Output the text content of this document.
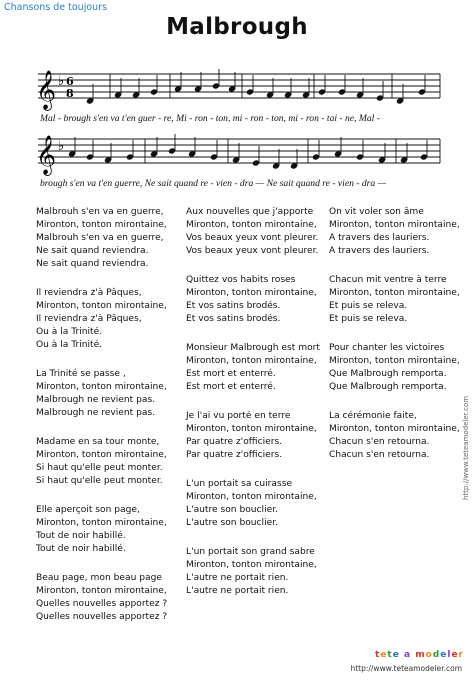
Chansons de toujours
Malbrough
𝄞
𝄞
♭
♭
6
8
Mal - brough s'en va t'en guer - re, Mi - ron - ton, mi - ron - ton, mi - ron - tai - ne, Mal -
brough s'en va t'en guerre, Ne sait quand re - vien - dra — Ne sait quand re - vien - dra —
Malbrouh s'en va en guerre,
Mironton, tonton mirontaine,
Malbrouh s'en va en guerre,
Ne sait quand reviendra.
Ne sait quand reviendra.
Il reviendra z'à Pâques,
Mironton, tonton mirontaine,
Il reviendra z'à Pâques,
Ou à la Trinité.
Ou à la Trinité.
La Trinité se passe ,
Mironton, tonton mirontaine,
Malbrough ne revient pas.
Malbrough ne revient pas.
Madame en sa tour monte,
Mironton, tonton mirontaine,
Si haut qu'elle peut monter.
Si haut qu'elle peut monter.
Elle aperçoit son page,
Mironton, tonton mirontaine,
Tout de noir habillé.
Tout de noir habillé.
Beau page, mon beau page
Mironton, tonton mirontaine,
Quelles nouvelles apportez ?
Quelles nouvelles apportez ?
Aux nouvelles que j'apporte
Mironton, tonton mirontaine,
Vos beaux yeux vont pleurer.
Vos beaux yeux vont pleurer.
Quittez vos habits roses
Mironton, tonton mirontaine,
Et vos satins brodés.
Et vos satins brodés.
Monsieur Malbrough est mort
Mironton, tonton mirontaine,
Est mort et enterré.
Est mort et enterré.
Je l'ai vu porté en terre
Mironton, tonton mirontaine,
Par quatre z'officiers.
Par quatre z'officiers.
L'un portait sa cuirasse
Mironton, tonton mirontaine,
L'autre son bouclier.
L'autre son bouclier.
L'un portait son grand sabre
Mironton, tonton mirontaine,
L'autre ne portait rien.
L'autre ne portait rien.
On vit voler son âme
Mironton, tonton mirontaine,
A travers des lauriers.
A travers des lauriers.
Chacun mit ventre à terre
Mironton, tonton mirontaine,
Et puis se releva.
Et puis se releva.
Pour chanter les victoires
Mironton, tonton mirontaine,
Que Malbrough remporta.
Que Malbrough remporta.
La cérémonie faite,
Mironton, tonton mirontaine,
Chacun s'en retourna.
Chacun s'en retourna.
tete a modeler
http://www.teteamodeler.com
http://www.teteamodeler.com
